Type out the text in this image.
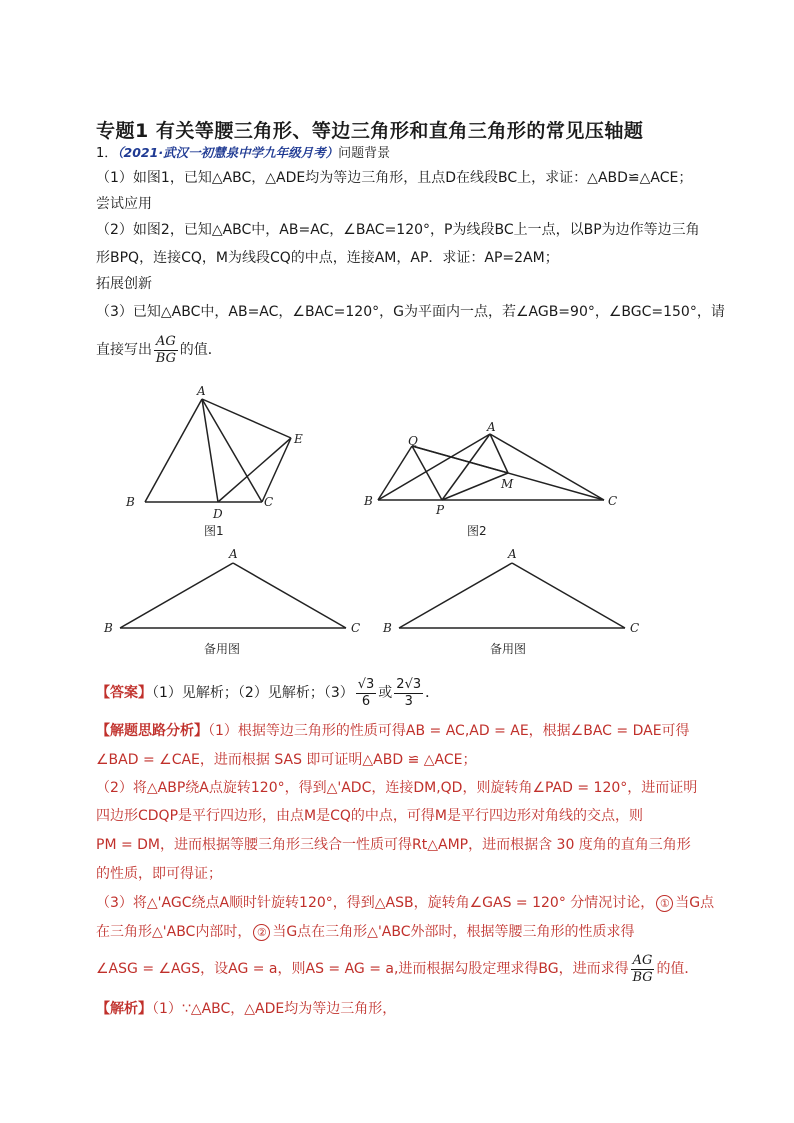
专题1 有关等腰三角形、等边三角形和直角三角形的常见压轴题
1．（2021·武汉一初慧泉中学九年级月考）问题背景
（1）如图1，已知△ABC，△ADE均为等边三角形，且点D在线段BC上，求证：△ABD≌△ACE；
尝试应用
（2）如图2，已知△ABC中，AB=AC，∠BAC=120°，P为线段BC上一点，以BP为边作等边三角
形BPQ，连接CQ，M为线段CQ的中点，连接AM，AP．求证：AP=2AM；
拓展创新
（3）已知△ABC中，AB=AC，∠BAC=120°，G为平面内一点，若∠AGB=90°，∠BGC=150°，请
直接写出 $\frac{AG}{BG}$ 的值．
A
B
D
C
E
A
Q
M
B
P
C
A
B	C
A
B	C
图1	图2
备用图	备用图
【答案】（1）见解析；（2）见解析；$(3) \frac{√3}{6}$ 或 $\frac{2√3}{3}$ ．
【解题思路分析】（1）根据等边三角形的性质可得AB = AC,AD = AE，根据∠BAC = DAE可得
∠BAD = ∠CAE，进而根据 SAS 即可证明△ABD ≌ △ACE；
（2）将△ABP绕A点旋转120°，得到△'ADC，连接DM,QD，则旋转角∠PAD = 120°，进而证明
四边形CDQP是平行四边形，由点M是CQ的中点，可得M是平行四边形对角线的交点，则
PM = DM，进而根据等腰三角形三线合一性质可得Rt△AMP，进而根据含 30 度角的直角三角形
的性质，即可得证；
（3）将△'AGC绕点A顺时针旋转120°，得到△ASB，旋转角∠GAS = 120° 分情况讨论， ① 当G点
在三角形△'ABC内部时， ② 当G点在三角形△'ABC外部时，根据等腰三角形的性质求得
∠ASG = ∠AGS，设AG = a，则AS = AG = a,进而根据勾股定理求得BG，进而求得 $\frac{AG}{BG}$ 的值．
【解析】（1）∵△ABC，△ADE均为等边三角形，
